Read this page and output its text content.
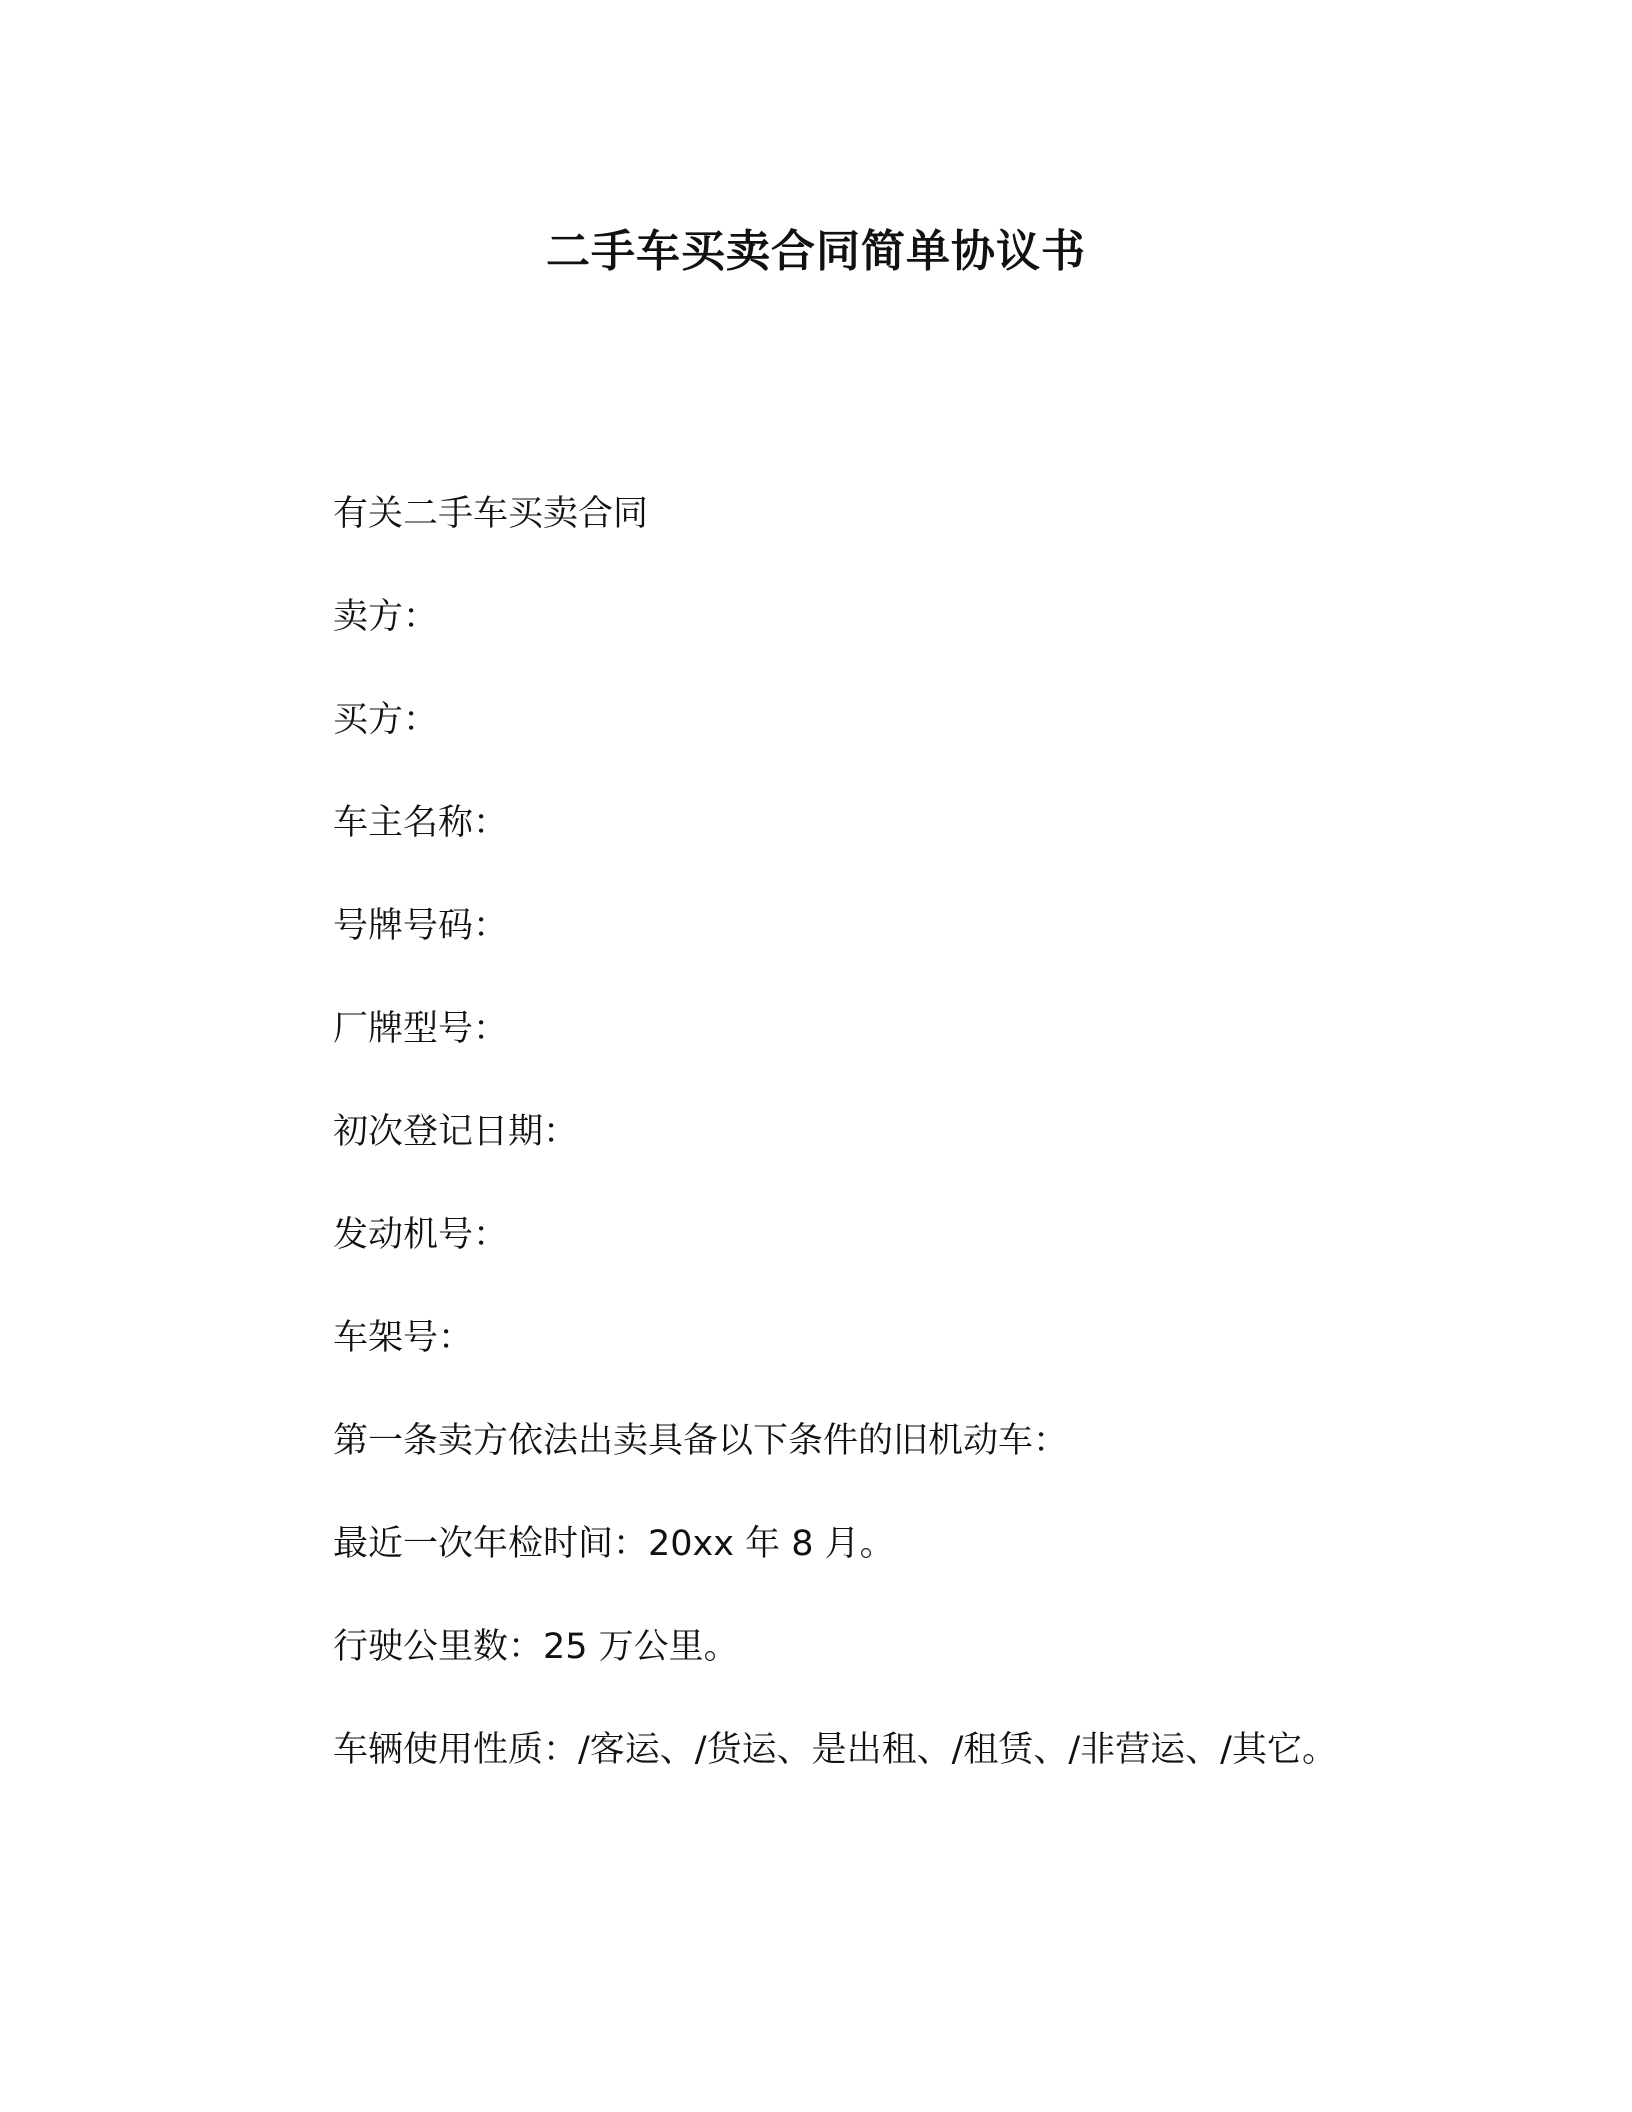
二手车买卖合同简单协议书

有关二手车买卖合同

卖方：

买方：

车主名称：

号牌号码：

厂牌型号：

初次登记日期：

发动机号：

车架号：

第一条卖方依法出卖具备以下条件的旧机动车：

最近一次年检时间：20xx 年 8 月。

行驶公里数：25 万公里。

车辆使用性质：/客运、/货运、是出租、/租赁、/非营运、/其它。
